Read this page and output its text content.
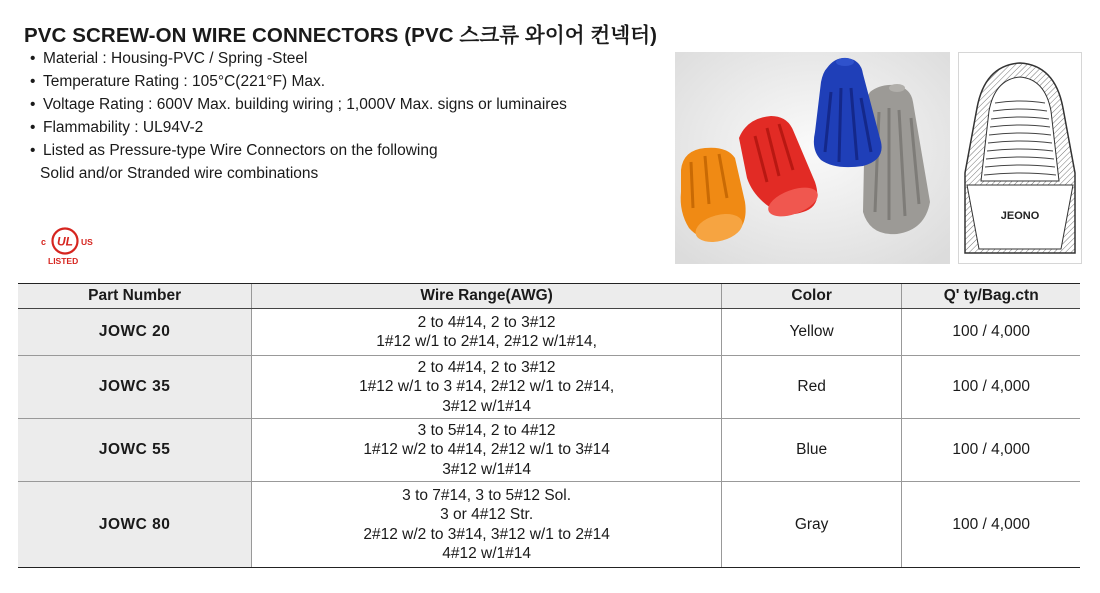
PVC SCREW-ON WIRE CONNECTORS (PVC 스크류 와이어 컨넥터)
• Material : Housing-PVC / Spring -Steel
• Temperature Rating : 105°C(221°F) Max.
• Voltage Rating : 600V Max. building wiring ; 1,000V Max. signs or luminaires
• Flammability : UL94V-2
• Listed as Pressure-type Wire Connectors on the following
Solid and/or Stranded wire combinations
c UL US
LISTED
JEONO
Part Number	Wire Range(AWG)	Color	Q' ty/Bag.ctn
JOWC 20	2 to 4#14, 2 to 3#12
1#12 w/1 to 2#14, 2#12 w/1#14,	Yellow	100 / 4,000
JOWC 35	2 to 4#14, 2 to 3#12
1#12 w/1 to 3 #14, 2#12 w/1 to 2#14,
3#12 w/1#14	Red	100 / 4,000
JOWC 55	3 to 5#14, 2 to 4#12
1#12 w/2 to 4#14, 2#12 w/1 to 3#14
3#12 w/1#14	Blue	100 / 4,000
JOWC 80	3 to 7#14, 3 to 5#12 Sol.
3 or 4#12 Str.
2#12 w/2 to 3#14, 3#12 w/1 to 2#14
4#12 w/1#14	Gray	100 / 4,000
